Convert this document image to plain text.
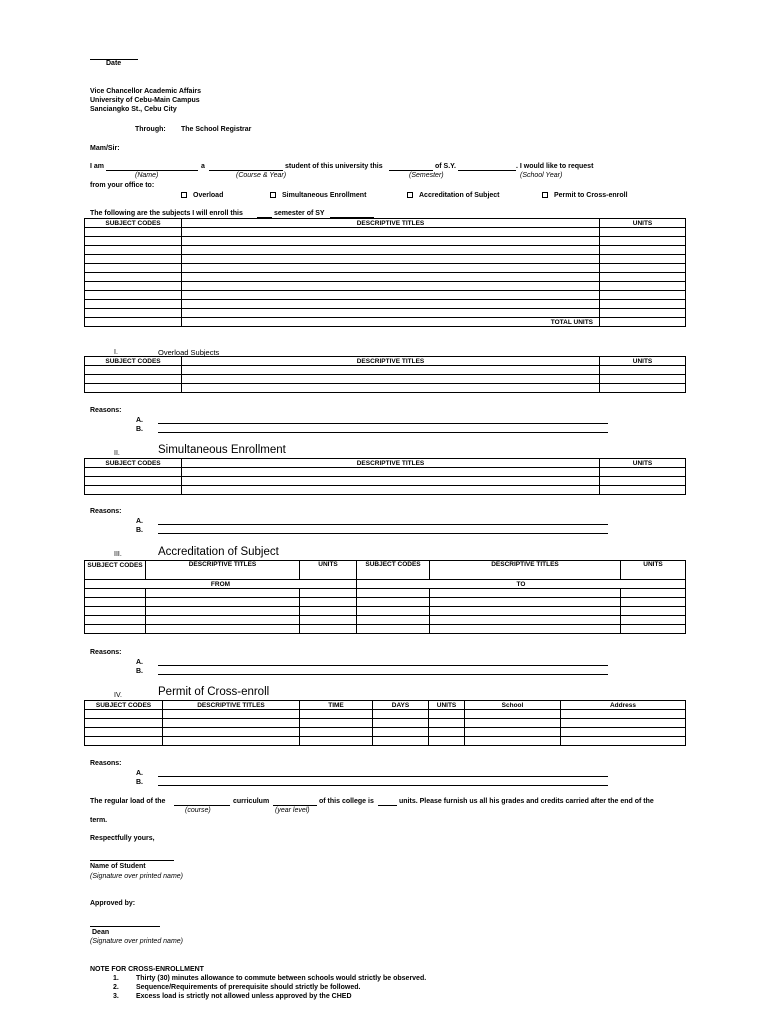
Date
Vice Chancellor Academic Affairs
University of Cebu-Main Campus
Sanciangko St., Cebu City
Through: The School Registrar
Mam/Sir:
I am	a	student of this university this	of S.Y.	. I would like to request
(Name)	(Course & Year)	(Semester)	(School Year)
from your office to:
Overload	Simultaneous Enrollment	Accreditation of Subject	Permit to Cross-enroll
The following are the subjects I will enroll this	semester of SY
SUBJECT CODES	DESCRIPTIVE TITLES	UNITS

	TOTAL UNITS	
I.	Overload Subjects
SUBJECT CODES	DESCRIPTIVE TITLES	UNITS

Reasons:
A.
B.
II.	Simultaneous Enrollment
SUBJECT CODES	DESCRIPTIVE TITLES	UNITS

Reasons:
A.
B.
III.	Accreditation of Subject
SUBJECT CODES	DESCRIPTIVE TITLES	UNITS	SUBJECT CODES	DESCRIPTIVE TITLES	UNITS
FROM			TO		

Reasons:
A.
B.
IV.	Permit of Cross-enroll
SUBJECT CODES	DESCRIPTIVE TITLES	TIME	DAYS	UNITS	School	Address

Reasons:
A.
B.
The regular load of the	curriculum	of this college is	units. Please furnish us all his grades and credits carried after the end of the
(course)	(year level)
term.
Respectfully yours,
Name of Student
(Signature over printed name)
Approved by:
Dean
(Signature over printed name)
NOTE FOR CROSS-ENROLLMENT
1. Thirty (30) minutes allowance to commute between schools would strictly be observed.
2. Sequence/Requirements of prerequisite should strictly be followed.
3. Excess load is strictly not allowed unless approved by the CHED
